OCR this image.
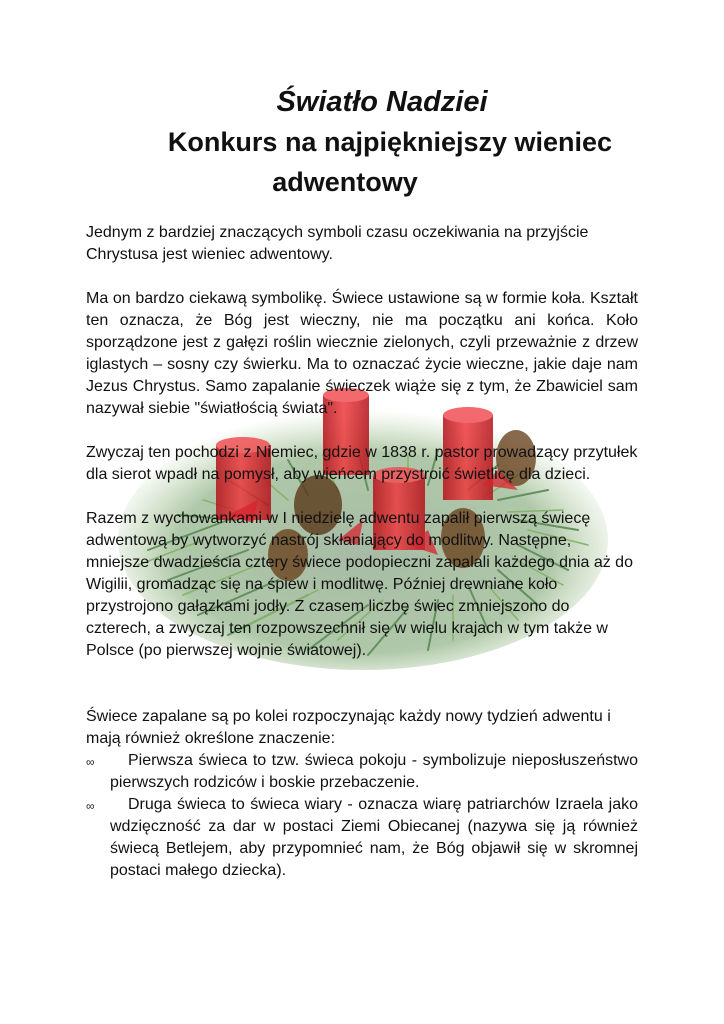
Światło Nadziei
Konkurs na najpiękniejszy wieniec
adwentowy

Jednym z bardziej znaczących symboli czasu oczekiwania na przyjście Chrystusa jest wieniec adwentowy.

Ma on bardzo ciekawą symbolikę. Świece ustawione są w formie koła. Kształt ten oznacza, że Bóg jest wieczny, nie ma początku ani końca. Koło sporządzone jest z gałęzi roślin wiecznie zielonych, czyli przeważnie z drzew iglastych – sosny czy świerku. Ma to oznaczać życie wieczne, jakie daje nam Jezus Chrystus. Samo zapalanie świeczek wiąże się z tym, że Zbawiciel sam nazywał siebie "światłością świata".

Zwyczaj ten pochodzi z Niemiec, gdzie w 1838 r. pastor prowadzący przytułek dla sierot wpadł na pomysł, aby wieńcem przystroić świetlicę dla dzieci.

Razem z wychowankami w I niedzielę adwentu zapalił pierwszą świecę adwentową by wytworzyć nastrój skłaniający do modlitwy. Następne, mniejsze dwadzieścia cztery świece podopieczni zapalali każdego dnia aż do Wigilii, gromadząc się na śpiew i modlitwę. Później drewniane koło przystrojono gałązkami jodły. Z czasem liczbę świec zmniejszono do czterech, a zwyczaj ten rozpowszechnił się w wielu krajach w tym także w Polsce (po pierwszej wojnie światowej).

Świece zapalane są po kolei rozpoczynając każdy nowy tydzień adwentu i mają również określone znaczenie:

∞	Pierwsza świeca to tzw. świeca pokoju - symbolizuje nieposłuszeństwo pierwszych rodziców i boskie przebaczenie.

∞	Druga świeca to świeca wiary - oznacza wiarę patriarchów Izraela jako wdzięczność za dar w postaci Ziemi Obiecanej (nazywa się ją również świecą Betlejem, aby przypomnieć nam, że Bóg objawił się w skromnej postaci małego dziecka).
